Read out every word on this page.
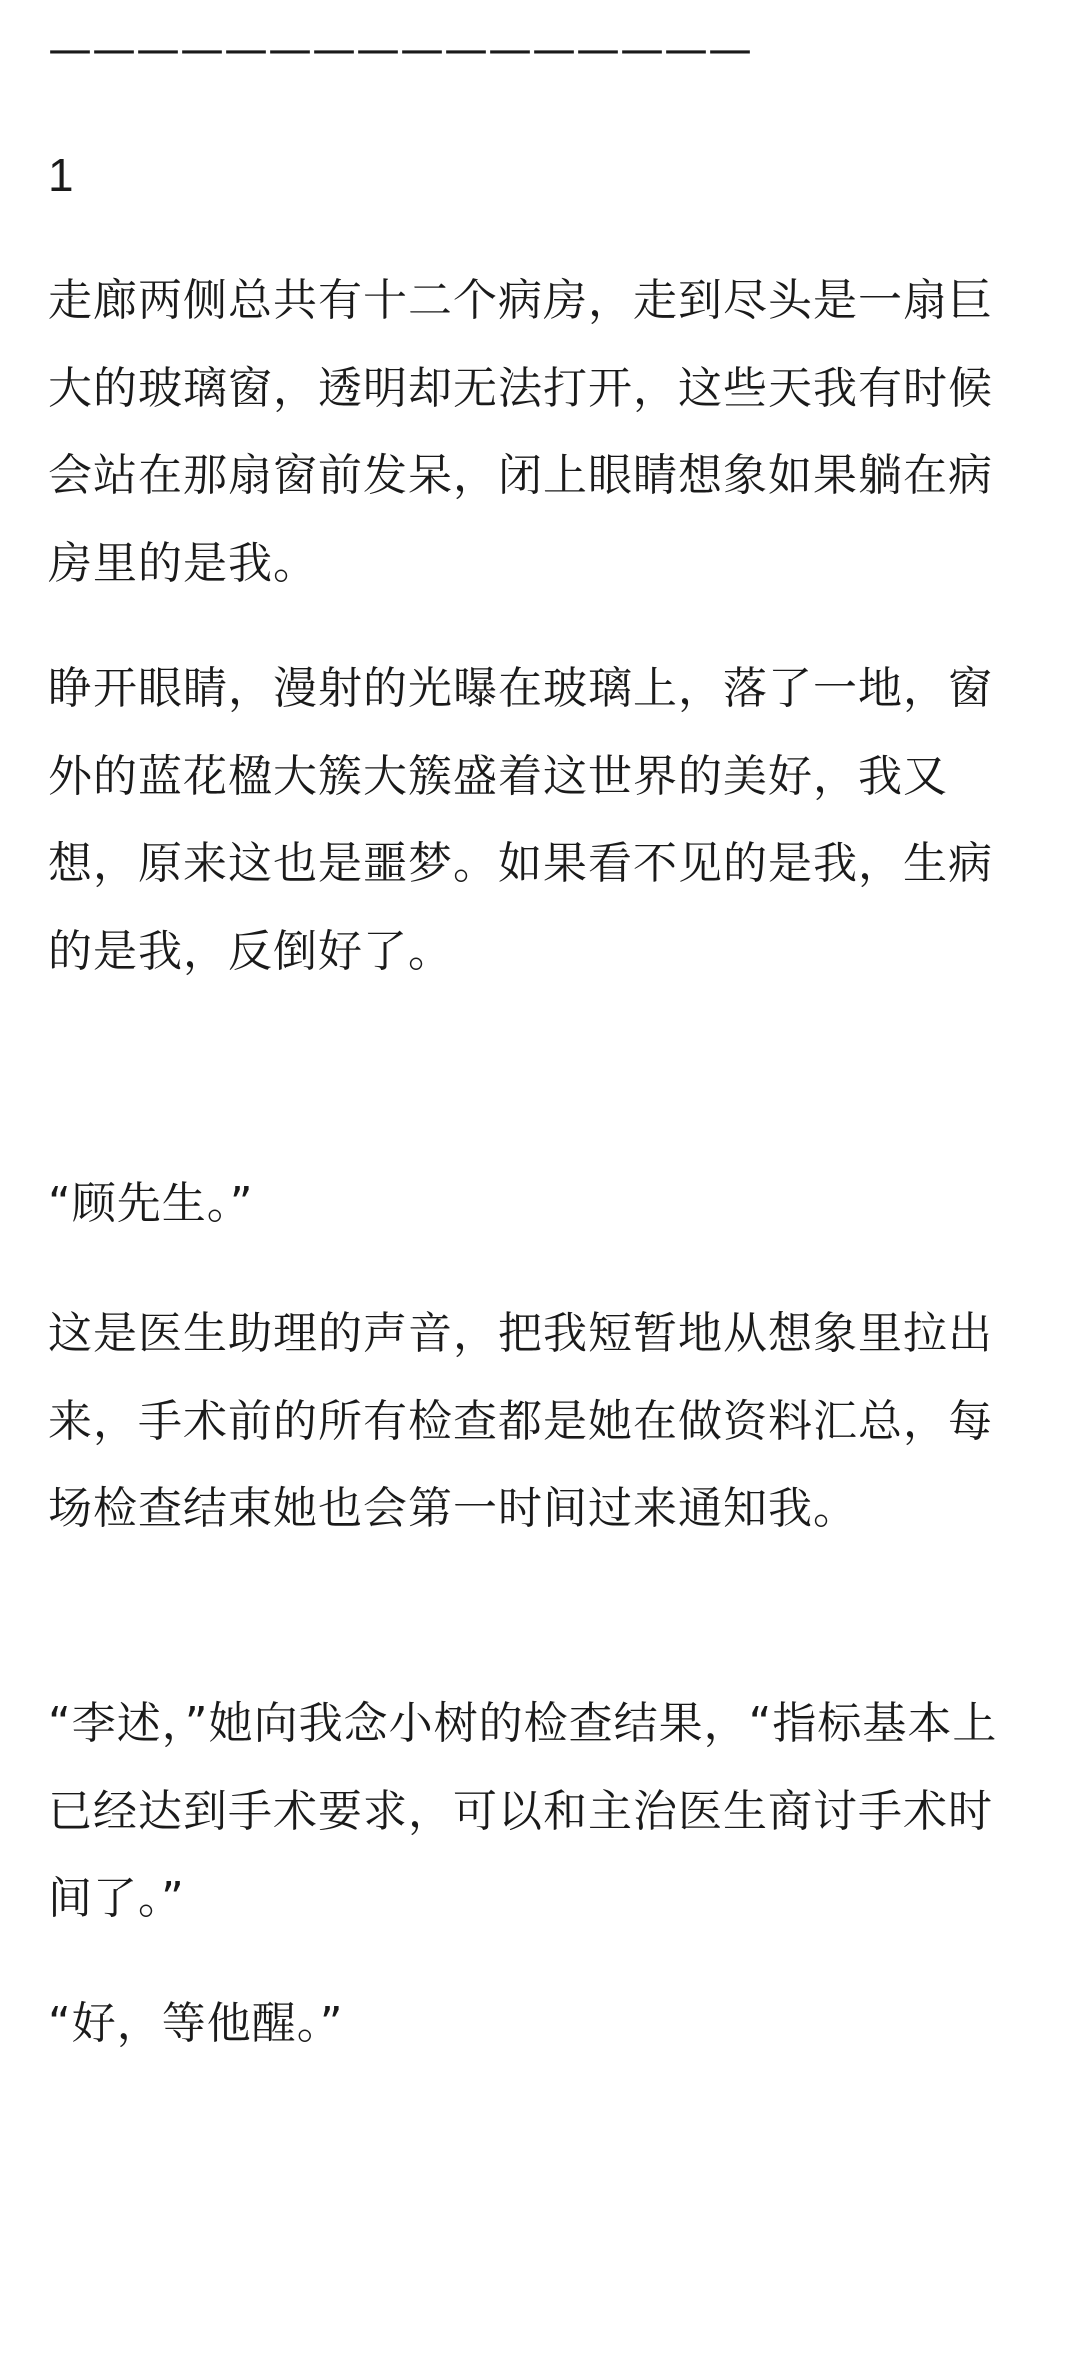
————————————————
1

走廊两侧总共有十二个病房，走到尽头是一扇巨大的玻璃窗，透明却无法打开，这些天我有时候会站在那扇窗前发呆，闭上眼睛想象如果躺在病房里的是我。

睁开眼睛，漫射的光曝在玻璃上，落了一地，窗外的蓝花楹大簇大簇盛着这世界的美好，我又想，原来这也是噩梦。如果看不见的是我，生病的是我，反倒好了。

“顾先生。”

这是医生助理的声音，把我短暂地从想象里拉出来，手术前的所有检查都是她在做资料汇总，每场检查结束她也会第一时间过来通知我。

“李述，”她向我念小树的检查结果，“指标基本上已经达到手术要求，可以和主治医生商讨手术时间了。”

“好，等他醒。”
